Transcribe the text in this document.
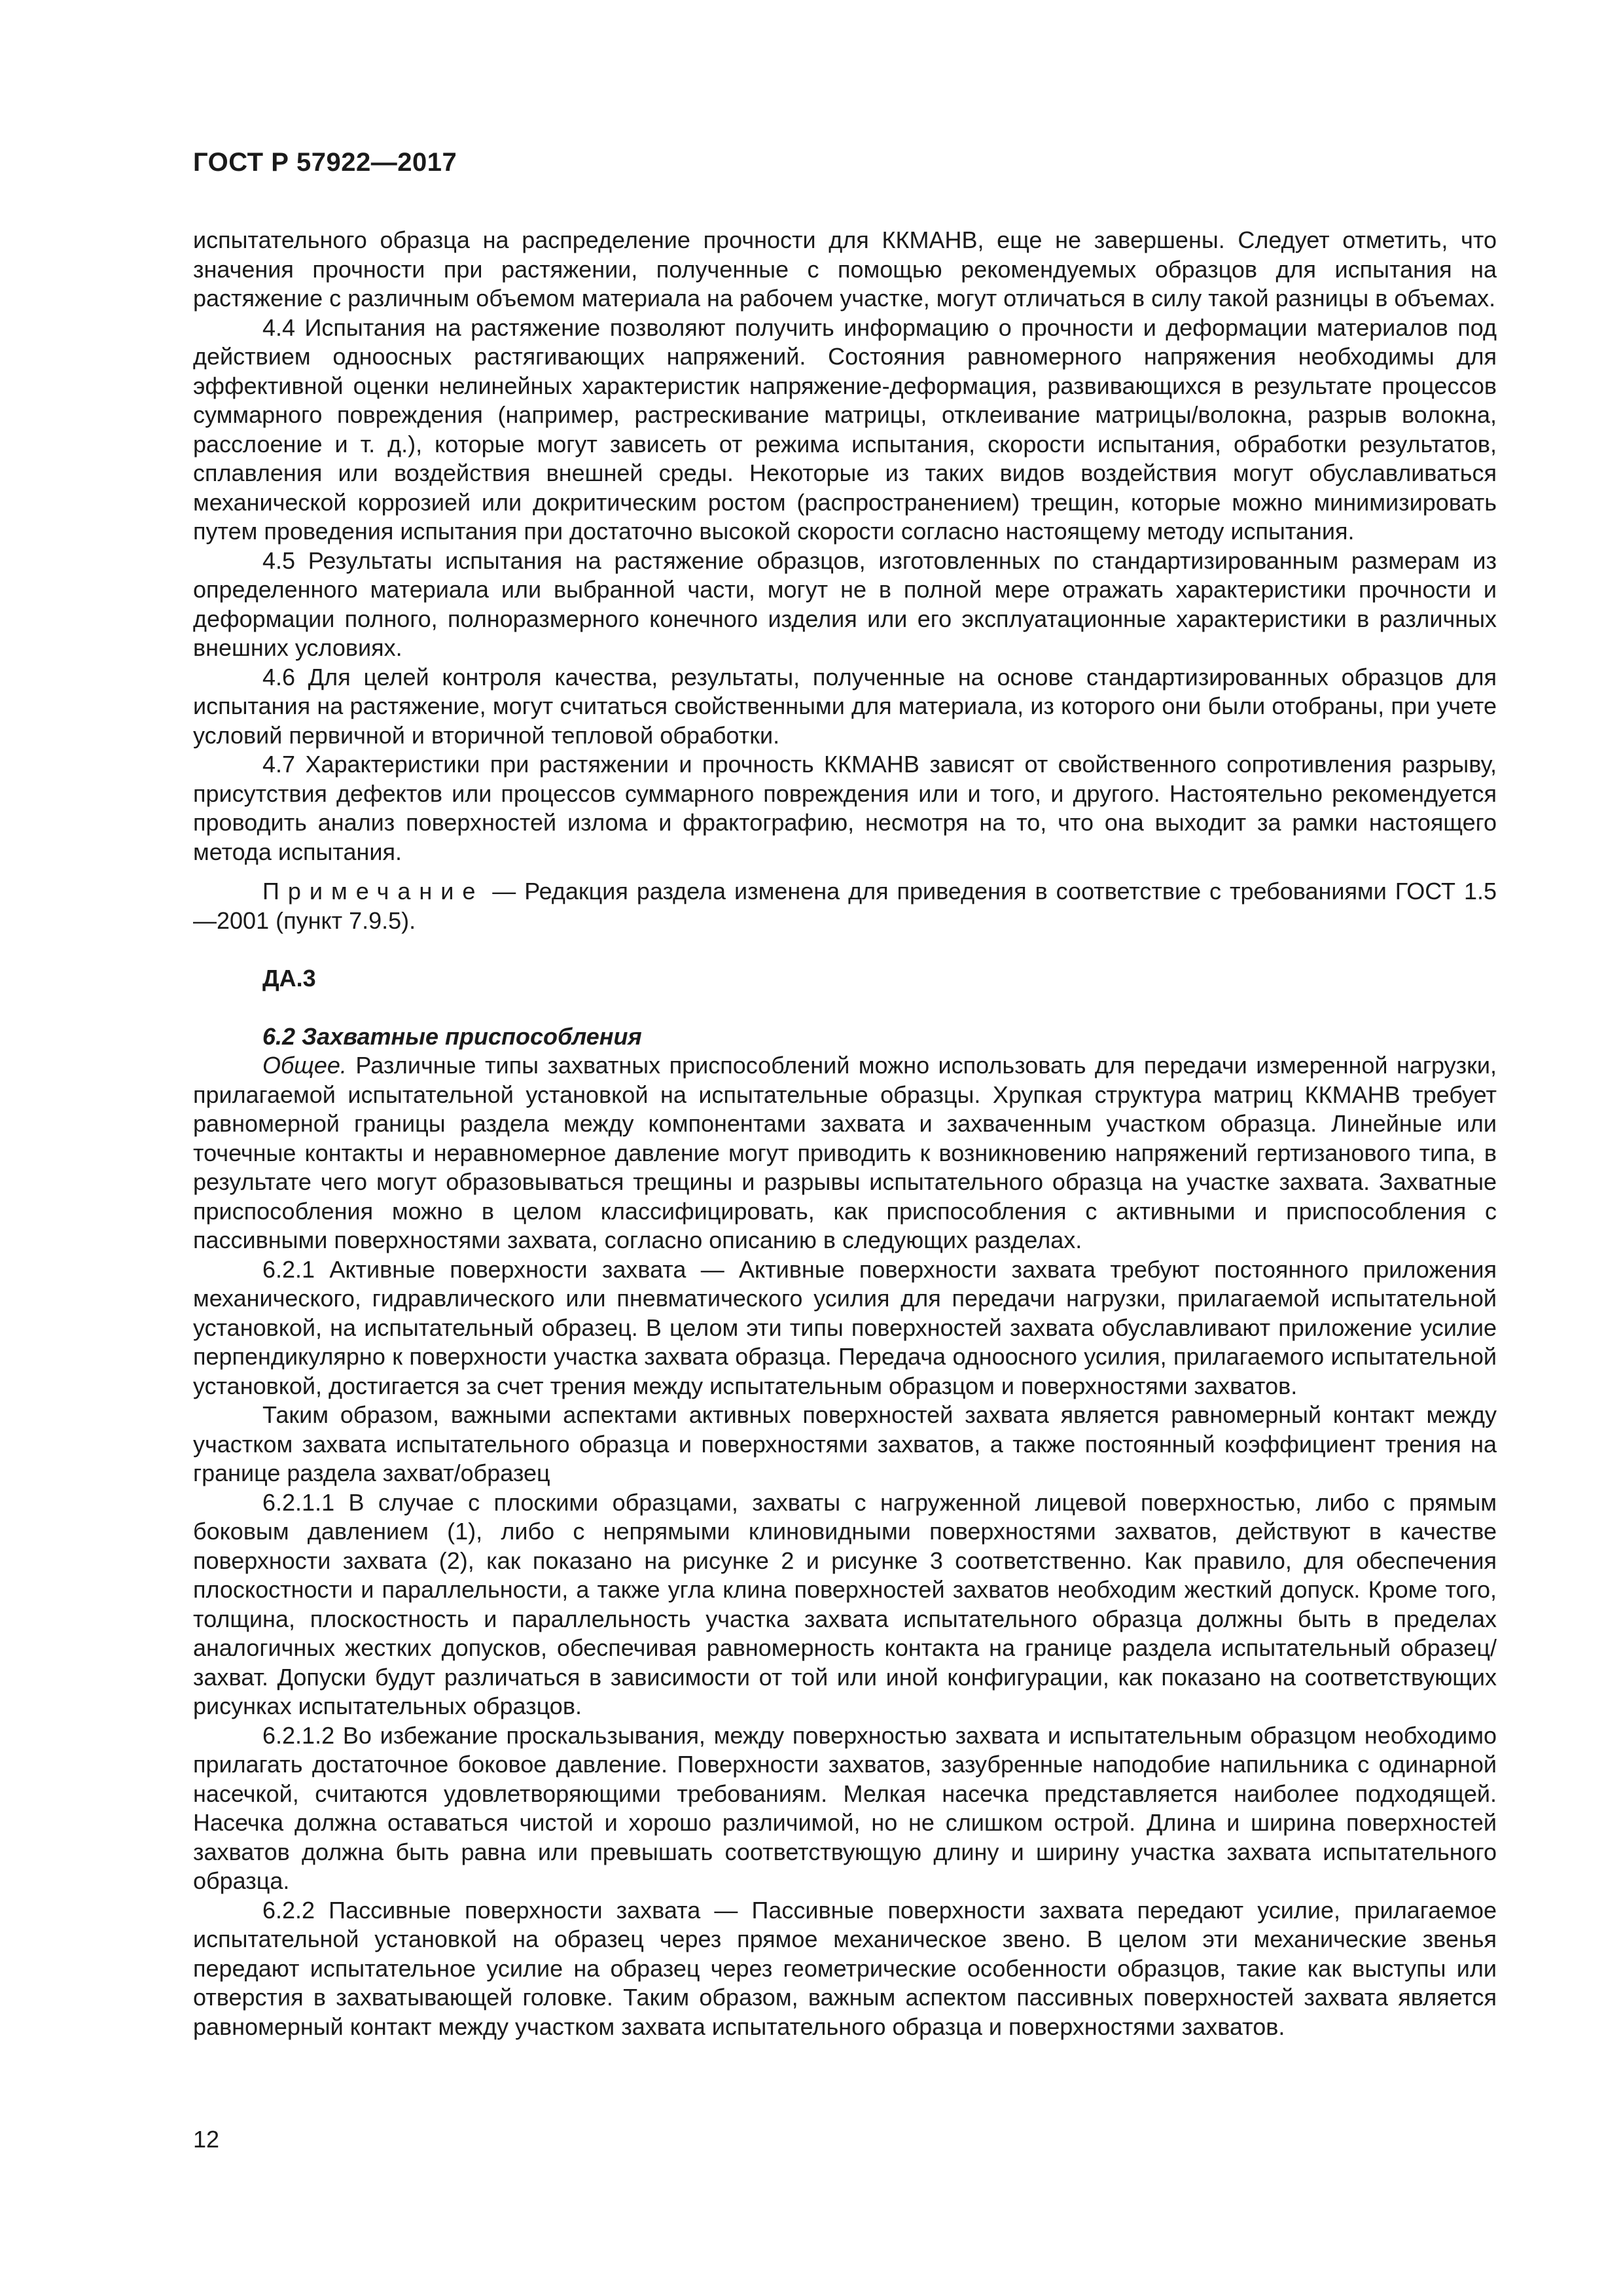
ГОСТ Р 57922—2017

испытательного образца на распределение прочности для ККМАНВ, еще не завершены. Следует отметить, что значения прочности при растяжении, полученные с помощью рекомендуемых образцов для испытания на растяжение с различным объемом материала на рабочем участке, могут отличаться в силу такой разницы в объемах.

4.4 Испытания на растяжение позволяют получить информацию о прочности и деформации материалов под действием одноосных растягивающих напряжений. Состояния равномерного напряжения необходимы для эффективной оценки нелинейных характеристик напряжение-деформация, развивающихся в результате процессов суммарного повреждения (например, растрескивание матрицы, отклеивание матрицы/волокна, разрыв волокна, расслоение и т. д.), которые могут зависеть от режима испытания, скорости испытания, обработки результатов, сплавления или воздействия внешней среды. Некоторые из таких видов воздействия могут обуславливаться механической коррозией или докритическим ростом (распространением) трещин, которые можно минимизировать путем проведения испытания при достаточно высокой скорости согласно настоящему методу испытания.

4.5 Результаты испытания на растяжение образцов, изготовленных по стандартизированным размерам из определенного материала или выбранной части, могут не в полной мере отражать характеристики прочности и деформации полного, полноразмерного конечного изделия или его эксплуатационные характеристики в различных внешних условиях.

4.6 Для целей контроля качества, результаты, полученные на основе стандартизированных образцов для испытания на растяжение, могут считаться свойственными для материала, из которого они были отобраны, при учете условий первичной и вторичной тепловой обработки.

4.7 Характеристики при растяжении и прочность ККМАНВ зависят от свойственного сопротивления разрыву, присутствия дефектов или процессов суммарного повреждения или и того, и другого. Настоятельно рекомендуется проводить анализ поверхностей излома и фрактографию, несмотря на то, что она выходит за рамки настоящего метода испытания.

Примечание — Редакция раздела изменена для приведения в соответствие с требованиями ГОСТ 1.5—2001 (пункт 7.9.5).

ДА.3

6.2 Захватные приспособления

Общее. Различные типы захватных приспособлений можно использовать для передачи измеренной нагрузки, прилагаемой испытательной установкой на испытательные образцы. Хрупкая структура матриц ККМАНВ требует равномерной границы раздела между компонентами захвата и захваченным участком образца. Линейные или точечные контакты и неравномерное давление могут приводить к возникновению напряжений гертизанового типа, в результате чего могут образовываться трещины и разрывы испытательного образца на участке захвата. Захватные приспособления можно в целом классифицировать, как приспособления с активными и приспособления с пассивными поверхностями захвата, согласно описанию в следующих разделах.

6.2.1 Активные поверхности захвата — Активные поверхности захвата требуют постоянного приложения механического, гидравлического или пневматического усилия для передачи нагрузки, прилагаемой испытательной установкой, на испытательный образец. В целом эти типы поверхностей захвата обуславливают приложение усилие перпендикулярно к поверхности участка захвата образца. Передача одноосного усилия, прилагаемого испытательной установкой, достигается за счет трения между испытательным образцом и поверхностями захватов.

Таким образом, важными аспектами активных поверхностей захвата является равномерный контакт между участком захвата испытательного образца и поверхностями захватов, а также постоянный коэффициент трения на границе раздела захват/образец

6.2.1.1 В случае с плоскими образцами, захваты с нагруженной лицевой поверхностью, либо с прямым боковым давлением (1), либо с непрямыми клиновидными поверхностями захватов, действуют в качестве поверхности захвата (2), как показано на рисунке 2 и рисунке 3 соответственно. Как правило, для обеспечения плоскостности и параллельности, а также угла клина поверхностей захватов необходим жесткий допуск. Кроме того, толщина, плоскостность и параллельность участка захвата испытательного образца должны быть в пределах аналогичных жестких допусков, обеспечивая равномерность контакта на границе раздела испытательный образец/захват. Допуски будут различаться в зависимости от той или иной конфигурации, как показано на соответствующих рисунках испытательных образцов.

6.2.1.2 Во избежание проскальзывания, между поверхностью захвата и испытательным образцом необходимо прилагать достаточное боковое давление. Поверхности захватов, зазубренные наподобие напильника с одинарной насечкой, считаются удовлетворяющими требованиям. Мелкая насечка представляется наиболее подходящей. Насечка должна оставаться чистой и хорошо различимой, но не слишком острой. Длина и ширина поверхностей захватов должна быть равна или превышать соответствующую длину и ширину участка захвата испытательного образца.

6.2.2 Пассивные поверхности захвата — Пассивные поверхности захвата передают усилие, прилагаемое испытательной установкой на образец через прямое механическое звено. В целом эти механические звенья передают испытательное усилие на образец через геометрические особенности образцов, такие как выступы или отверстия в захватывающей головке. Таким образом, важным аспектом пассивных поверхностей захвата является равномерный контакт между участком захвата испытательного образца и поверхностями захватов.

12
